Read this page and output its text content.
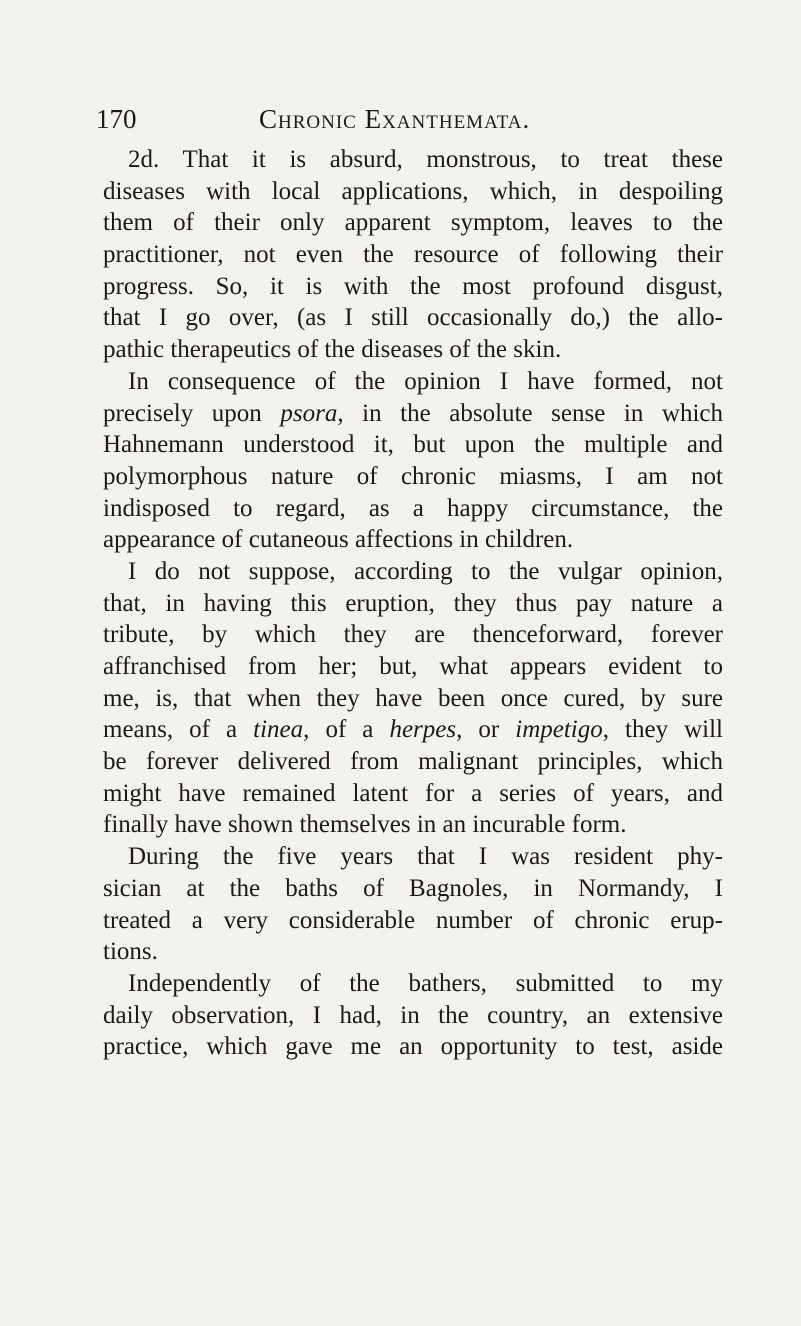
170	Chronic Exanthemata.
2d. That it is absurd, monstrous, to treat these
diseases with local applications, which, in despoiling
them of their only apparent symptom, leaves to the
practitioner, not even the resource of following their
progress. So, it is with the most profound disgust,
that I go over, (as I still occasionally do,) the allo-
pathic therapeutics of the diseases of the skin.
In consequence of the opinion I have formed, not
precisely upon psora, in the absolute sense in which
Hahnemann understood it, but upon the multiple and
polymorphous nature of chronic miasms, I am not
indisposed to regard, as a happy circumstance, the
appearance of cutaneous affections in children.
I do not suppose, according to the vulgar opinion,
that, in having this eruption, they thus pay nature a
tribute, by which they are thenceforward, forever
affranchised from her; but, what appears evident to
me, is, that when they have been once cured, by sure
means, of a tinea, of a herpes, or impetigo, they will
be forever delivered from malignant principles, which
might have remained latent for a series of years, and
finally have shown themselves in an incurable form.
During the five years that I was resident phy-
sician at the baths of Bagnoles, in Normandy, I
treated a very considerable number of chronic erup-
tions.
Independently of the bathers, submitted to my
daily observation, I had, in the country, an extensive
practice, which gave me an opportunity to test, aside
